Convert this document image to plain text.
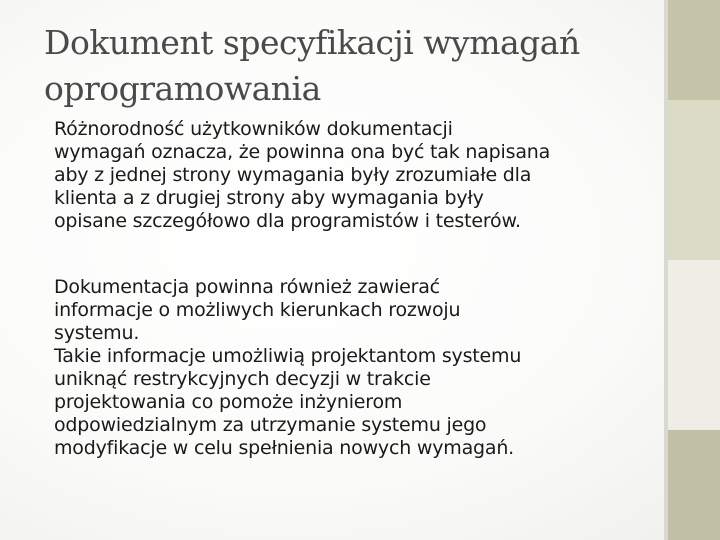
Dokument specyfikacji wymagań
oprogramowania
Różnorodność użytkowników dokumentacji
wymagań oznacza, że powinna ona być tak napisana
aby z jednej strony wymagania były zrozumiałe dla
klienta a z drugiej strony aby wymagania były
opisane szczegółowo dla programistów i testerów.
Dokumentacja powinna również zawierać
informacje o możliwych kierunkach rozwoju
systemu.
Takie informacje umożliwią projektantom systemu
uniknąć restrykcyjnych decyzji w trakcie
projektowania co pomoże inżynierom
odpowiedzialnym za utrzymanie systemu jego
modyfikacje w celu spełnienia nowych wymagań.
